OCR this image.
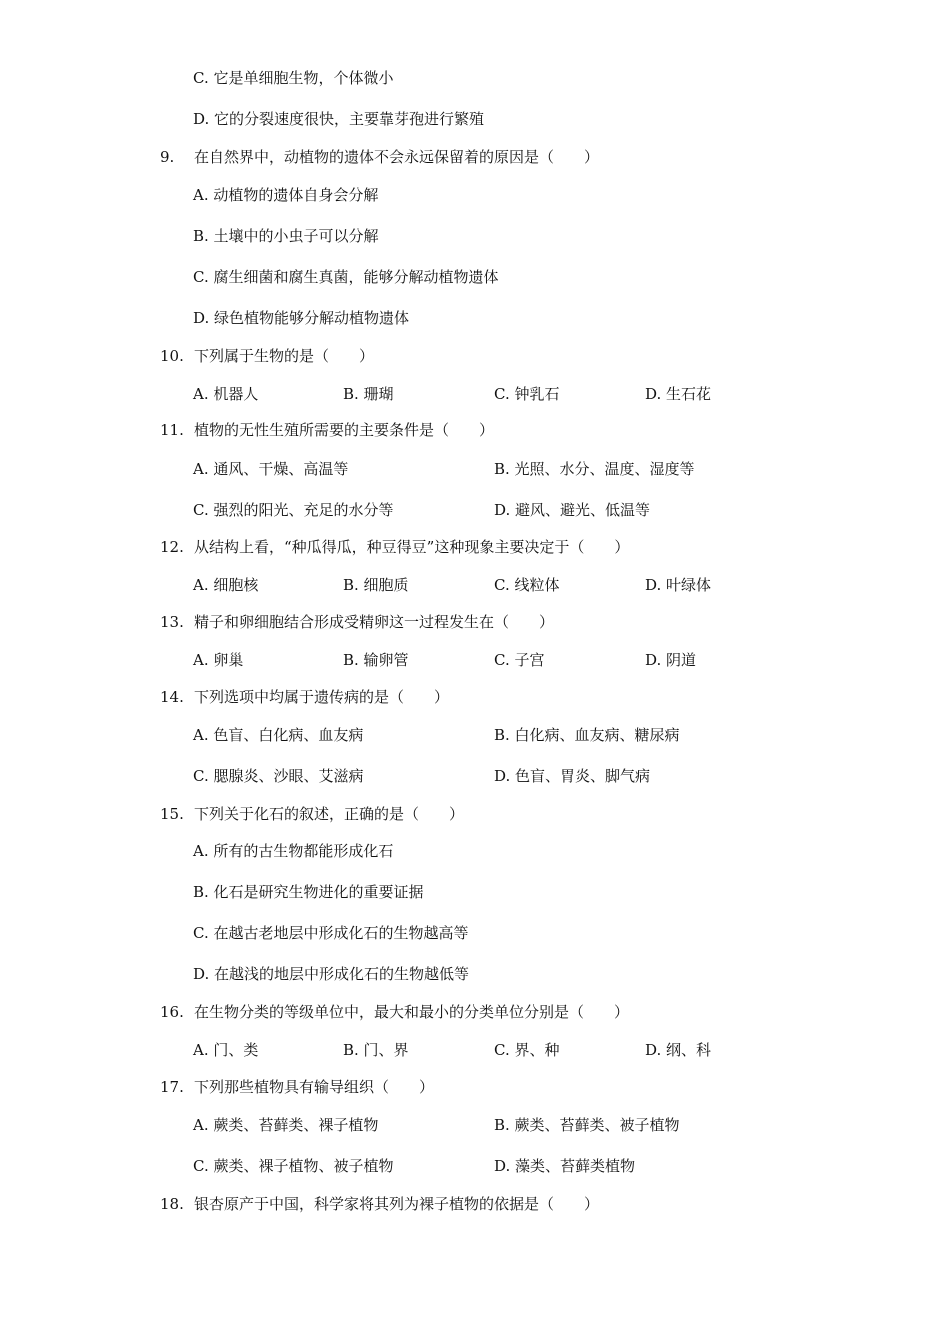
C. 它是单细胞生物，个体微小
D. 它的分裂速度很快，主要靠芽孢进行繁殖
9. 在自然界中，动植物的遗体不会永远保留着的原因是（　　）
A. 动植物的遗体自身会分解
B. 土壤中的小虫子可以分解
C. 腐生细菌和腐生真菌，能够分解动植物遗体
D. 绿色植物能够分解动植物遗体
10. 下列属于生物的是（　　）
A. 机器人	B. 珊瑚	C. 钟乳石	D. 生石花
11. 植物的无性生殖所需要的主要条件是（　　）
A. 通风、干燥、高温等	B. 光照、水分、温度、湿度等
C. 强烈的阳光、充足的水分等	D. 避风、避光、低温等
12. 从结构上看，“种瓜得瓜，种豆得豆”这种现象主要决定于（　　）
A. 细胞核	B. 细胞质	C. 线粒体	D. 叶绿体
13. 精子和卵细胞结合形成受精卵这一过程发生在（　　）
A. 卵巢	B. 输卵管	C. 子宫	D. 阴道
14. 下列选项中均属于遗传病的是（　　）
A. 色盲、白化病、血友病	B. 白化病、血友病、糖尿病
C. 腮腺炎、沙眼、艾滋病	D. 色盲、胃炎、脚气病
15. 下列关于化石的叙述，正确的是（　　）
A. 所有的古生物都能形成化石
B. 化石是研究生物进化的重要证据
C. 在越古老地层中形成化石的生物越高等
D. 在越浅的地层中形成化石的生物越低等
16. 在生物分类的等级单位中，最大和最小的分类单位分别是（　　）
A. 门、类	B. 门、界	C. 界、种	D. 纲、科
17. 下列那些植物具有输导组织（　　）
A. 蕨类、苔藓类、裸子植物	B. 蕨类、苔藓类、被子植物
C. 蕨类、裸子植物、被子植物	D. 藻类、苔藓类植物
18. 银杏原产于中国，科学家将其列为裸子植物的依据是（　　）
